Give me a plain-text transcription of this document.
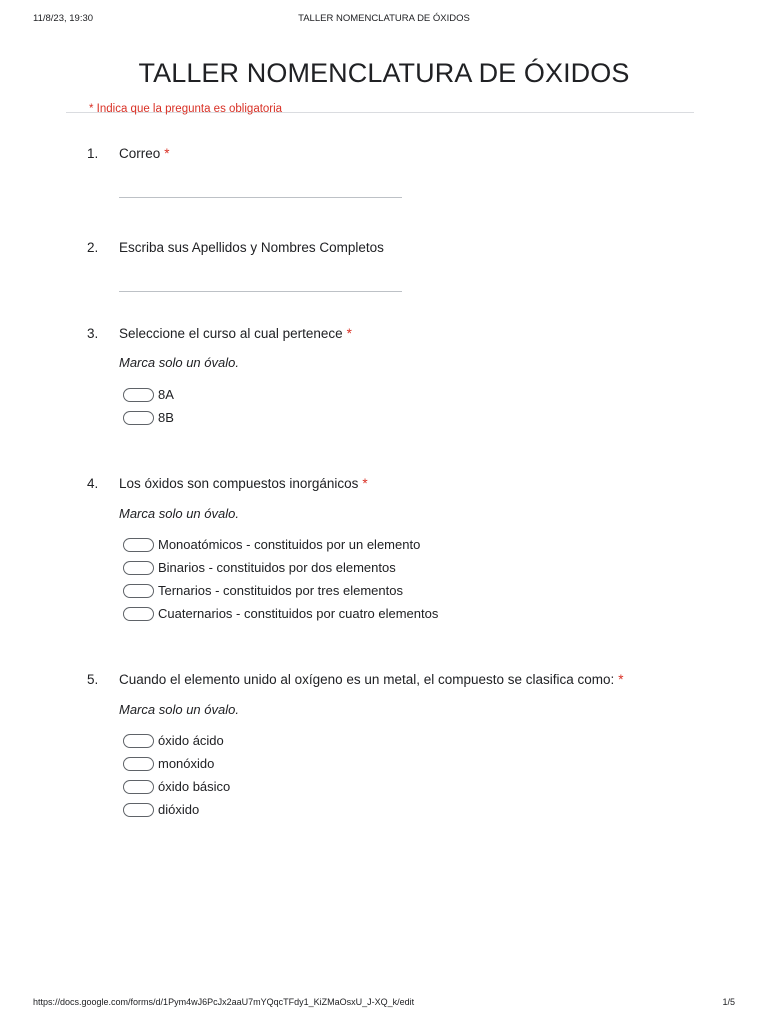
11/8/23, 19:30	TALLER NOMENCLATURA DE ÓXIDOS
TALLER NOMENCLATURA DE ÓXIDOS
* Indica que la pregunta es obligatoria
1. Correo *
2. Escriba sus Apellidos y Nombres Completos
3. Seleccione el curso al cual pertenece *
Marca solo un óvalo.
8A
8B
4. Los óxidos son compuestos inorgánicos *
Marca solo un óvalo.
Monoatómicos - constituidos por un elemento
Binarios - constituidos por dos elementos
Ternarios - constituidos por tres elementos
Cuaternarios - constituidos por cuatro elementos
5. Cuando el elemento unido al oxígeno es un metal, el compuesto se clasifica como: *
Marca solo un óvalo.
óxido ácido
monóxido
óxido básico
dióxido
https://docs.google.com/forms/d/1Pym4wJ6PcJx2aaU7mYQqcTFdy1_KiZMaOsxU_J-XQ_k/edit	1/5
